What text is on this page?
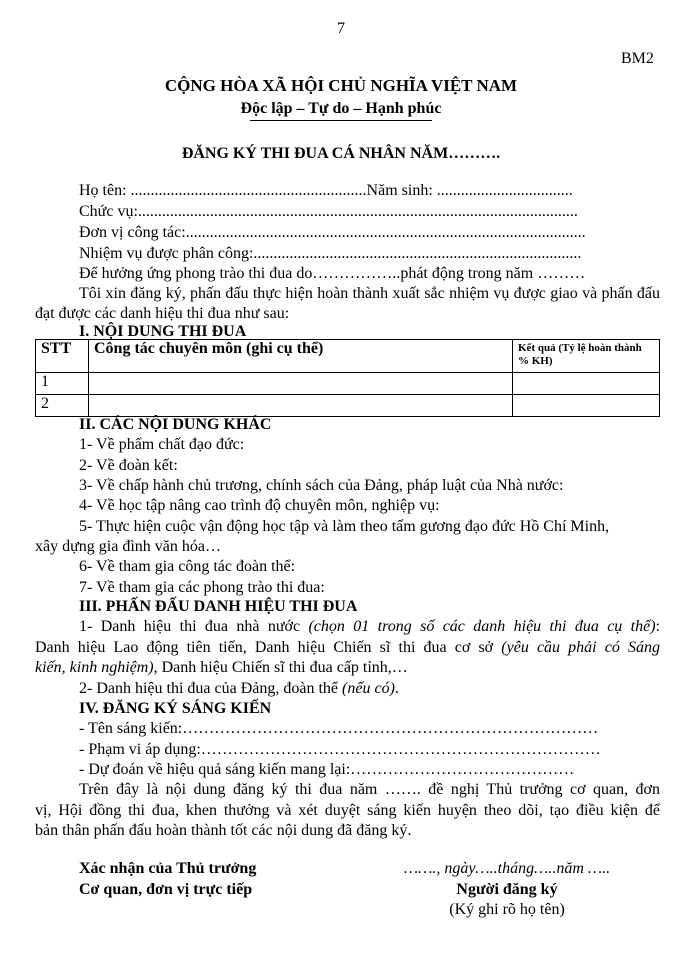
7
BM2
CỘNG HÒA XÃ HỘI CHỦ NGHĨA VIỆT NAM
Độc lập – Tự do – Hạnh phúc
ĐĂNG KÝ THI ĐUA CÁ NHÂN NĂM……….
Họ tên: ...........................................................Năm sinh: ..................................
Chức vụ:..............................................................................................................
Đơn vị công tác:....................................................................................................
Nhiệm vụ được phân công:..................................................................................
Để hưởng ứng phong trào thi đua do……………..phát động trong năm ………
Tôi xin đăng ký, phấn đấu thực hiện hoàn thành xuất sắc nhiệm vụ được giao và phấn đấu đạt được các danh hiệu thi đua như sau:
I. NỘI DUNG THI ĐUA
STT	Công tác chuyên môn (ghi cụ thể)	Kết quả (Tỷ lệ hoàn thành % KH)
1		
2		
II. CÁC NỘI DUNG KHÁC
1- Về phẩm chất đạo đức:
2- Về đoàn kết:
3- Về chấp hành chủ trương, chính sách của Đảng, pháp luật của Nhà nước:
4- Về học tập nâng cao trình độ chuyên môn, nghiệp vụ:
5- Thực hiện cuộc vận động học tập và làm theo tấm gương đạo đức Hồ Chí Minh,
xây dựng gia đình văn hóa…
6- Về tham gia công tác đoàn thể:
7- Về tham gia các phong trào thi đua:
III. PHẤN ĐẤU DANH HIỆU THI ĐUA
1- Danh hiệu thi đua nhà nước (chọn 01 trong số các danh hiệu thi đua cụ thể):
Danh hiệu Lao động tiên tiến, Danh hiệu Chiến sĩ thi đua cơ sở (yêu cầu phải có Sáng
kiến, kinh nghiệm), Danh hiệu Chiến sĩ thi đua cấp tỉnh,…
2- Danh hiệu thi đua của Đảng, đoàn thể (nếu có).
IV. ĐĂNG KÝ SÁNG KIẾN
- Tên sáng kiến:……………………………………………………………………
- Phạm vi áp dụng:…………………………………………………………………
- Dự đoán về hiệu quả sáng kiến mang lại:……………………………………
Trên đây là nội dung đăng ký thi đua năm ……. đề nghị Thủ trưởng cơ quan, đơn
vị, Hội đồng thi đua, khen thưởng và xét duyệt sáng kiến huyện theo dõi, tạo điều kiện để
bản thân phấn đấu hoàn thành tốt các nội dung đã đăng ký.
Xác nhận của Thủ trưởng
Cơ quan, đơn vị trực tiếp
……., ngày…..tháng…..năm …..
Người đăng ký
(Ký ghi rõ họ tên)
